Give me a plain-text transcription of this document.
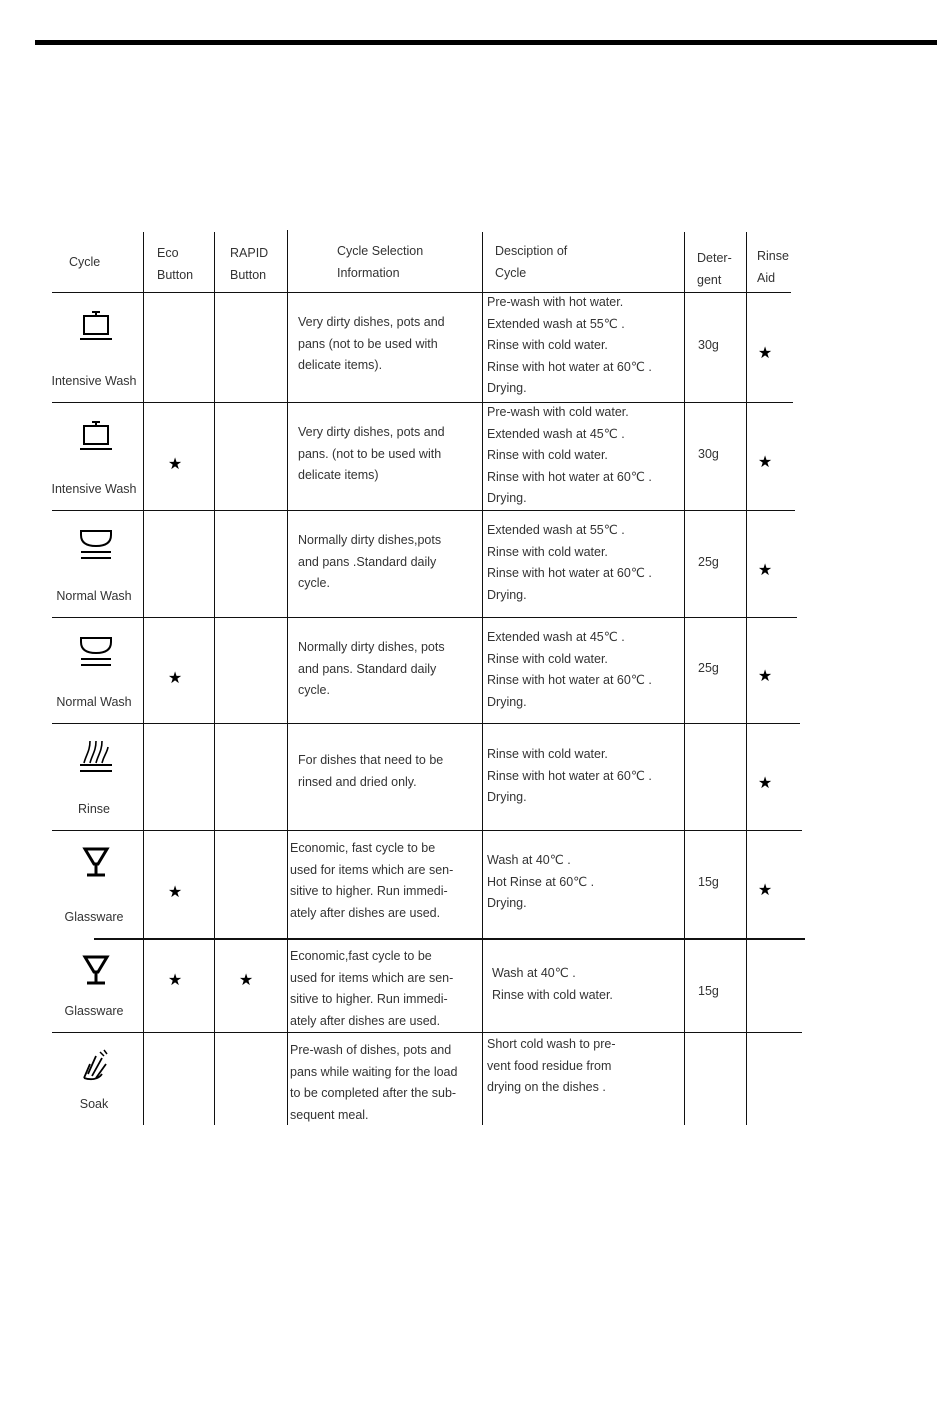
Cycle
Eco
Button
RAPID
Button
Cycle Selection
Information
Desciption of
Cycle
Deter-
gent
Rinse
Aid
Intensive Wash
Very dirty dishes, pots and
pans (not to be used with
delicate items).
Pre-wash with hot water.
Extended wash at 55℃ .
Rinse with cold water.
Rinse with hot water at 60℃ .
Drying.
30g ★
Intensive Wash
★
Very dirty dishes, pots and
pans. (not to be used with
delicate items)
Pre-wash with cold water.
Extended wash at 45℃ .
Rinse with cold water.
Rinse with hot water at 60℃ .
Drying.
30g ★
Normal Wash
Normally dirty dishes,pots
and pans .Standard daily
cycle.
Extended wash at 55℃ .
Rinse with cold water.
Rinse with hot water at 60℃ .
Drying.
25g ★
Normal Wash
★
Normally dirty dishes, pots
and pans. Standard daily
cycle.
Extended wash at 45℃ .
Rinse with cold water.
Rinse with hot water at 60℃ .
Drying.
25g ★
Rinse
For dishes that need to be
rinsed and dried only.
Rinse with cold water.
Rinse with hot water at 60℃ .
Drying.
★
Glassware
★
Economic, fast cycle to be
used for items which are sen-
sitive to higher. Run immedi-
ately after dishes are used.
Wash at 40℃ .
Hot Rinse at 60℃ .
Drying.
15g ★
Glassware
★	★
Economic,fast cycle to be
used for items which are sen-
sitive to higher. Run immedi-
ately after dishes are used.
Wash at 40℃ .
Rinse with cold water.	15g
Soak
Pre-wash of dishes, pots and
pans while waiting for the load
to be completed after the sub-
sequent meal.
Short cold wash to pre-
vent food residue from
drying on the dishes .
